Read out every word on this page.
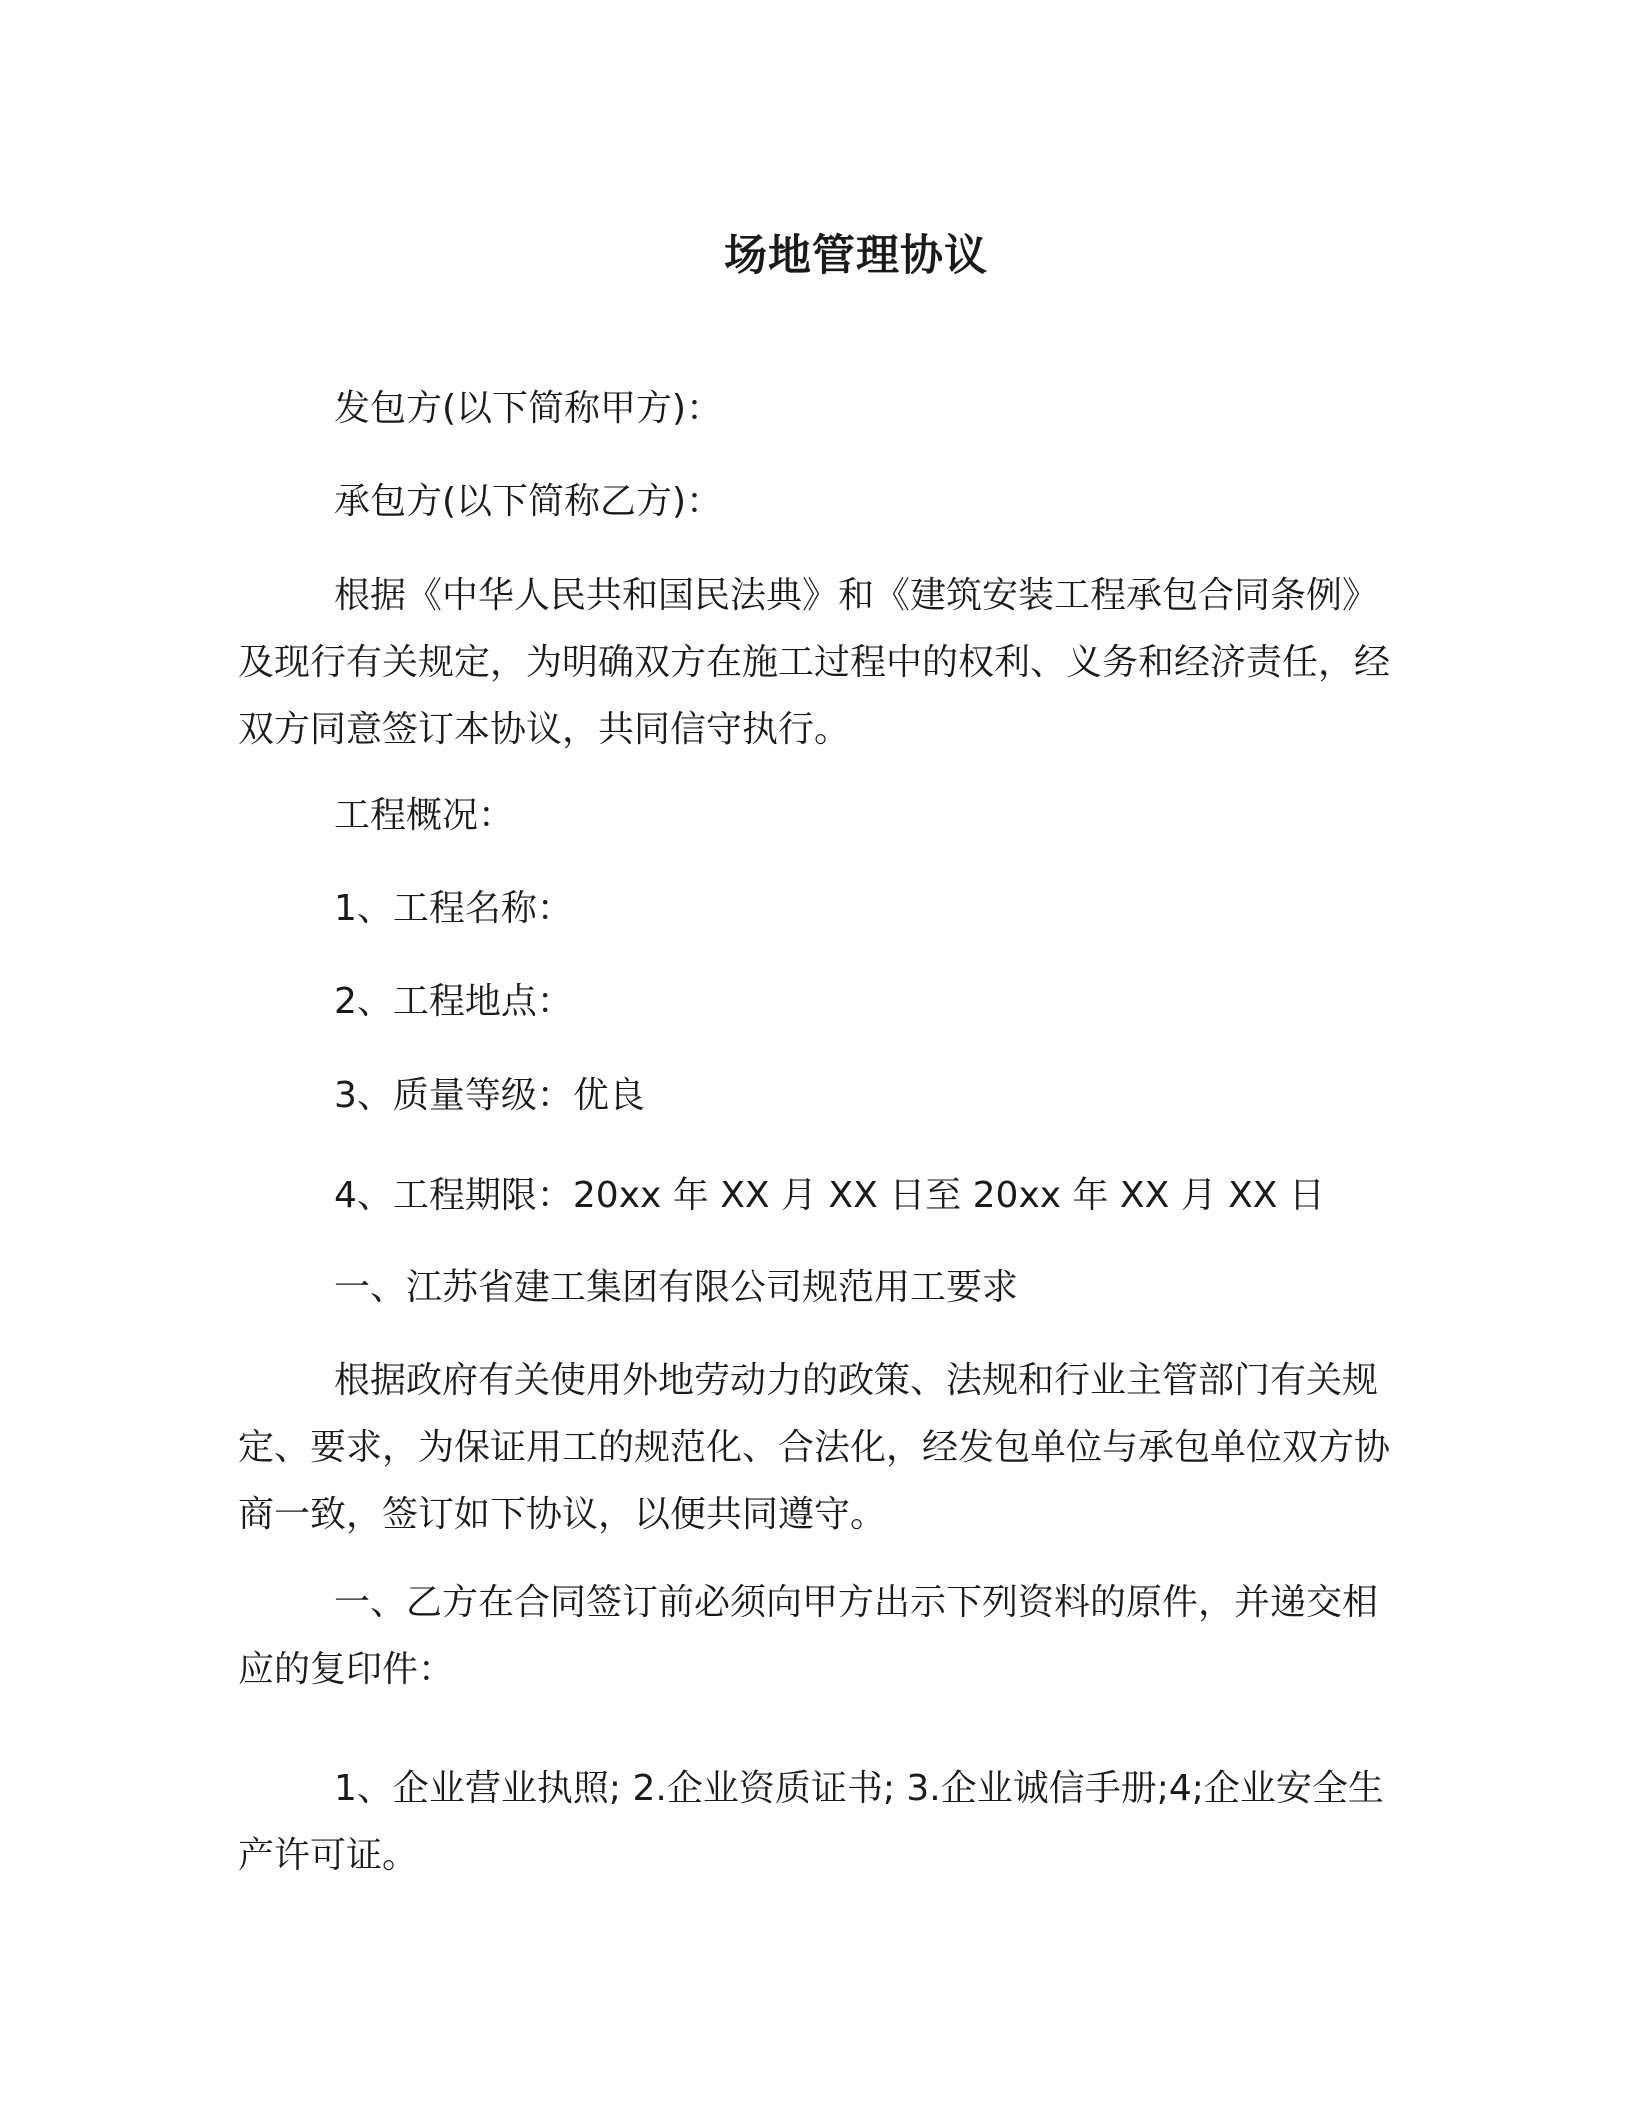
场地管理协议

发包方(以下简称甲方)：

承包方(以下简称乙方)：

根据《中华人民共和国民法典》和《建筑安装工程承包合同条例》及现行有关规定，为明确双方在施工过程中的权利、义务和经济责任，经双方同意签订本协议，共同信守执行。

工程概况：

1、工程名称：

2、工程地点：

3、质量等级：优良

4、工程期限：20xx 年 XX 月 XX 日至 20xx 年 XX 月 XX 日

一、江苏省建工集团有限公司规范用工要求

根据政府有关使用外地劳动力的政策、法规和行业主管部门有关规定、要求，为保证用工的规范化、合法化，经发包单位与承包单位双方协商一致，签订如下协议，以便共同遵守。

一、乙方在合同签订前必须向甲方出示下列资料的原件，并递交相应的复印件：

1、企业营业执照; 2.企业资质证书; 3.企业诚信手册;4;企业安全生产许可证。
